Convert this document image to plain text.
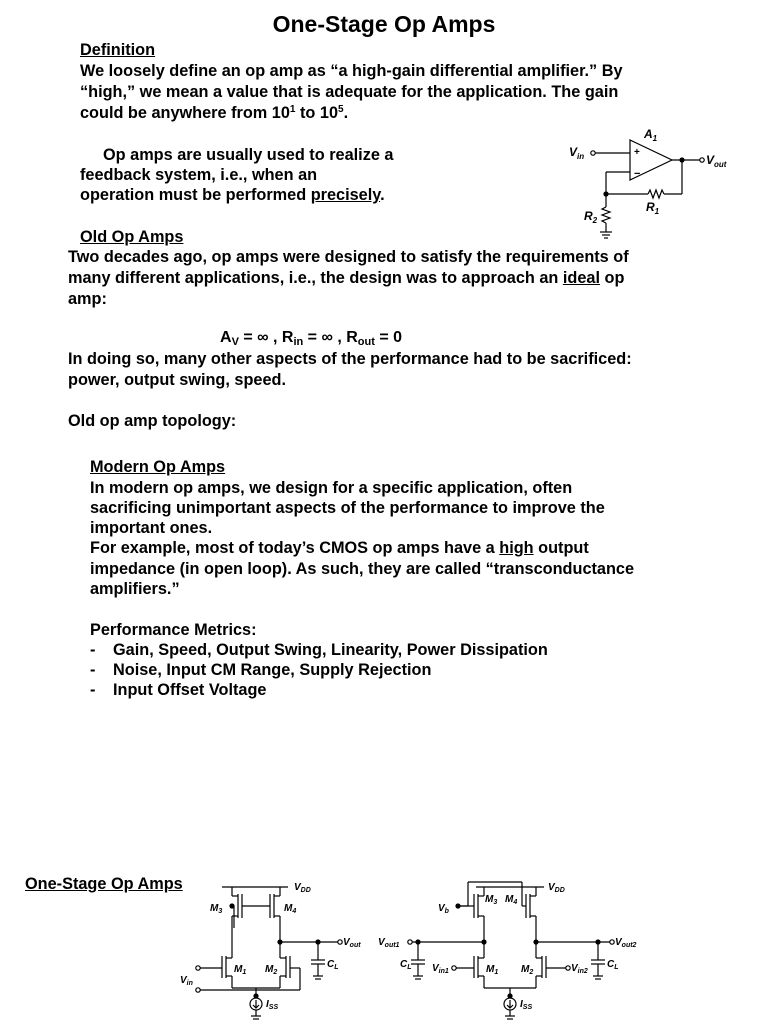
One-Stage Op Amps
Definition
We loosely define an op amp as “a high-gain differential amplifier.” By
“high,” we mean a value that is adequate for the application. The gain
could be anywhere from $10^1$ to $10^5$.
Op amps are usually used to realize a
feedback system, i.e., when an
operation must be performed precisely.
+
−
$V_{in}$	$V_{out}$
$A_1$
$R_1$
$R_2$
Old Op Amps
Two decades ago, op amps were designed to satisfy the requirements of
many different applications, i.e., the design was to approach an ideal op
amp:
$A_V$ = ∞ , $R_{in}$ = ∞ , $R_{out} = 0$
In doing so, many other aspects of the performance had to be sacrificed:
power, output swing, speed.
Old op amp topology:
Modern Op Amps
In modern op amps, we design for a specific application, often
sacrificing unimportant aspects of the performance to improve the
important ones.
For example, most of today’s CMOS op amps have a high output
impedance (in open loop). As such, they are called “transconductance
amplifiers.”
Performance Metrics:
- Gain, Speed, Output Swing, Linearity, Power Dissipation
- Noise, Input CM Range, Supply Rejection
- Input Offset Voltage
One-Stage Op Amps	$V_{DD}$
$M_3$	$M_4$
$M_1$ $M_2$
$V_{out}$
$C_L$
$V_{in}$
$I_{SS}$
$V_{DD}$
$V_b$
$M_3$ $M_4$
$V_{out1}$	$V_{out2}$
$C_L$	$C_L$
$V_{in1}$	$V_{in2}$
$M_1$ $M_2$
$I_{SS}$
